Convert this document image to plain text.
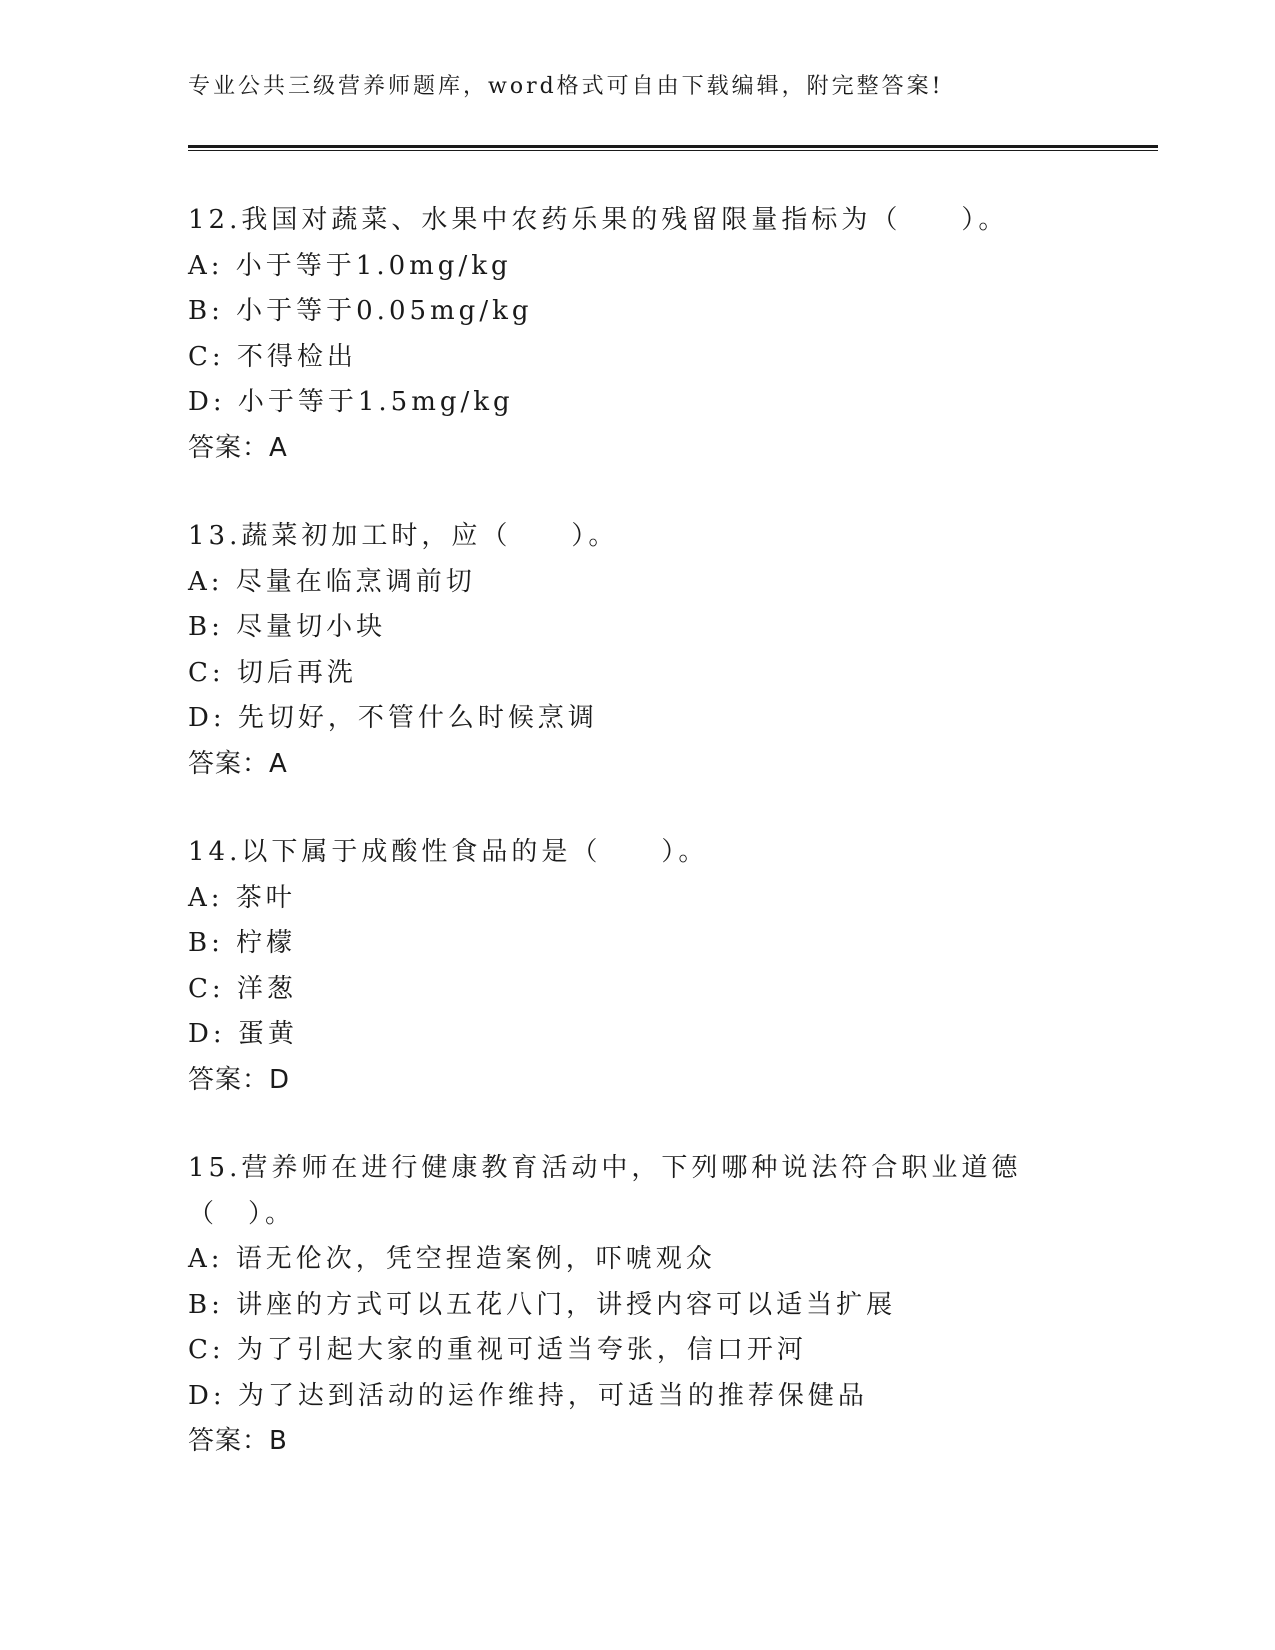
专业公共三级营养师题库，word格式可自由下载编辑，附完整答案!
12.我国对蔬菜、水果中农药乐果的残留限量指标为（　　）。
A: 小于等于1.0mg/kg
B: 小于等于0.05mg/kg
C: 不得检出
D: 小于等于1.5mg/kg
答案：A
13.蔬菜初加工时，应（　　）。
A: 尽量在临烹调前切
B: 尽量切小块
C: 切后再洗
D: 先切好，不管什么时候烹调
答案：A
14.以下属于成酸性食品的是（　　）。
A: 茶叶
B: 柠檬
C: 洋葱
D: 蛋黄
答案：D
15.营养师在进行健康教育活动中，下列哪种说法符合职业道德（　）。
A: 语无伦次，凭空捏造案例，吓唬观众
B: 讲座的方式可以五花八门，讲授内容可以适当扩展
C: 为了引起大家的重视可适当夸张，信口开河
D: 为了达到活动的运作维持，可适当的推荐保健品
答案：B
